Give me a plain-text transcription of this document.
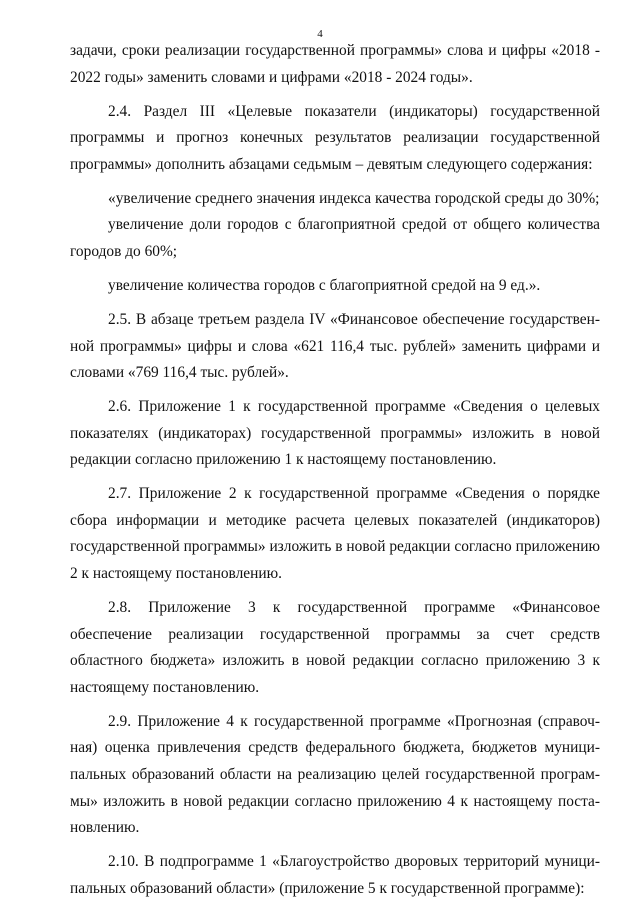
4

задачи, сроки реализации государственной программы» слова и цифры «2018 - 2022 годы» заменить словами и цифрами «2018 - 2024 годы».

2.4. Раздел III «Целевые показатели (индикаторы) государственной программы и прогноз конечных результатов реализации государственной программы» дополнить абзацами седьмым – девятым следующего содержания:

«увеличение среднего значения индекса качества городской среды до 30%;

увеличение доли городов с благоприятной средой от общего количества городов до 60%;

увеличение количества городов с благоприятной средой на 9 ед.».

2.5. В абзаце третьем раздела IV «Финансовое обеспечение государственной программы» цифры и слова «621 116,4 тыс. рублей» заменить цифрами и словами «769 116,4 тыс. рублей».

2.6. Приложение 1 к государственной программе «Сведения о целевых показателях (индикаторах) государственной программы» изложить в новой редакции согласно приложению 1 к настоящему постановлению.

2.7. Приложение 2 к государственной программе «Сведения о порядке сбора информации и методике расчета целевых показателей (индикаторов) государственной программы» изложить в новой редакции согласно приложению 2 к настоящему постановлению.

2.8. Приложение 3 к государственной программе «Финансовое обеспечение реализации государственной программы за счет средств областного бюджета» изложить в новой редакции согласно приложению 3 к настоящему постановлению.

2.9. Приложение 4 к государственной программе «Прогнозная (справочная) оценка привлечения средств федерального бюджета, бюджетов муниципальных образований области на реализацию целей государственной программы» изложить в новой редакции согласно приложению 4 к настоящему постановлению.

2.10. В подпрограмме 1 «Благоустройство дворовых территорий муниципальных образований области» (приложение 5 к государственной программе):
